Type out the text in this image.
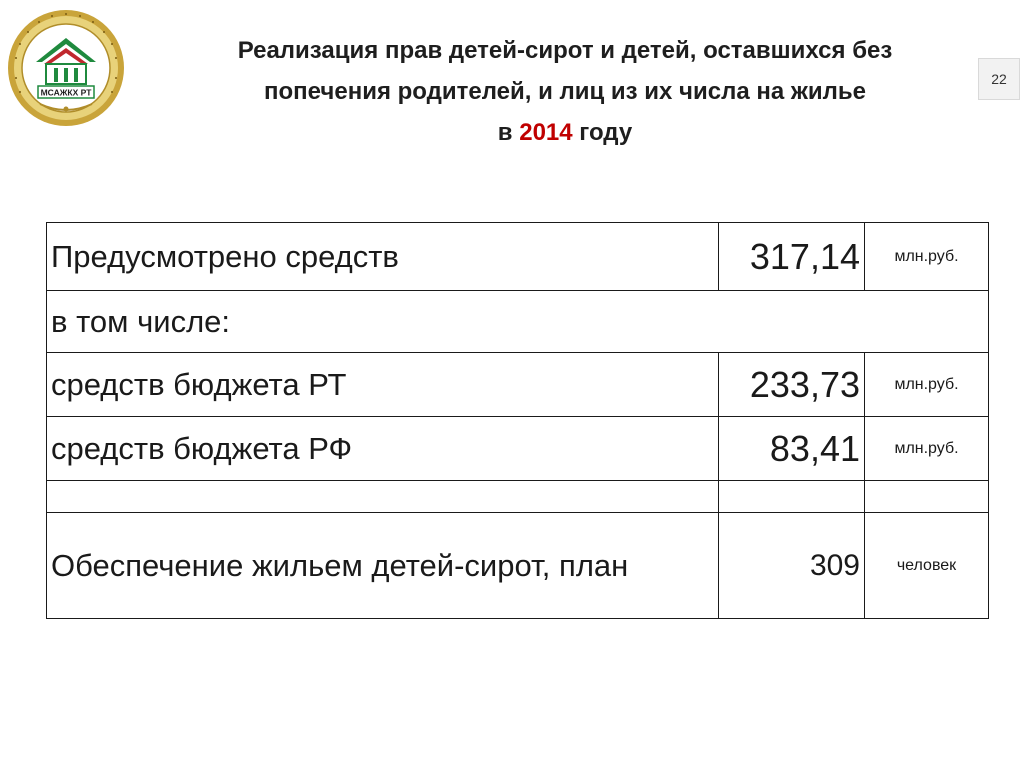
МСАЖКХ РТ
Реализация прав детей-сирот и детей, оставшихся без
попечения родителей, и лиц из их числа на жилье
в 2014 году
22
Предусмотрено средств	317,14	млн.руб.
в том числе:		
средств бюджета РТ	233,73	млн.руб.
средств бюджета РФ	83,41	млн.руб.

Обеспечение жильем детей-сирот, план	309	человек
